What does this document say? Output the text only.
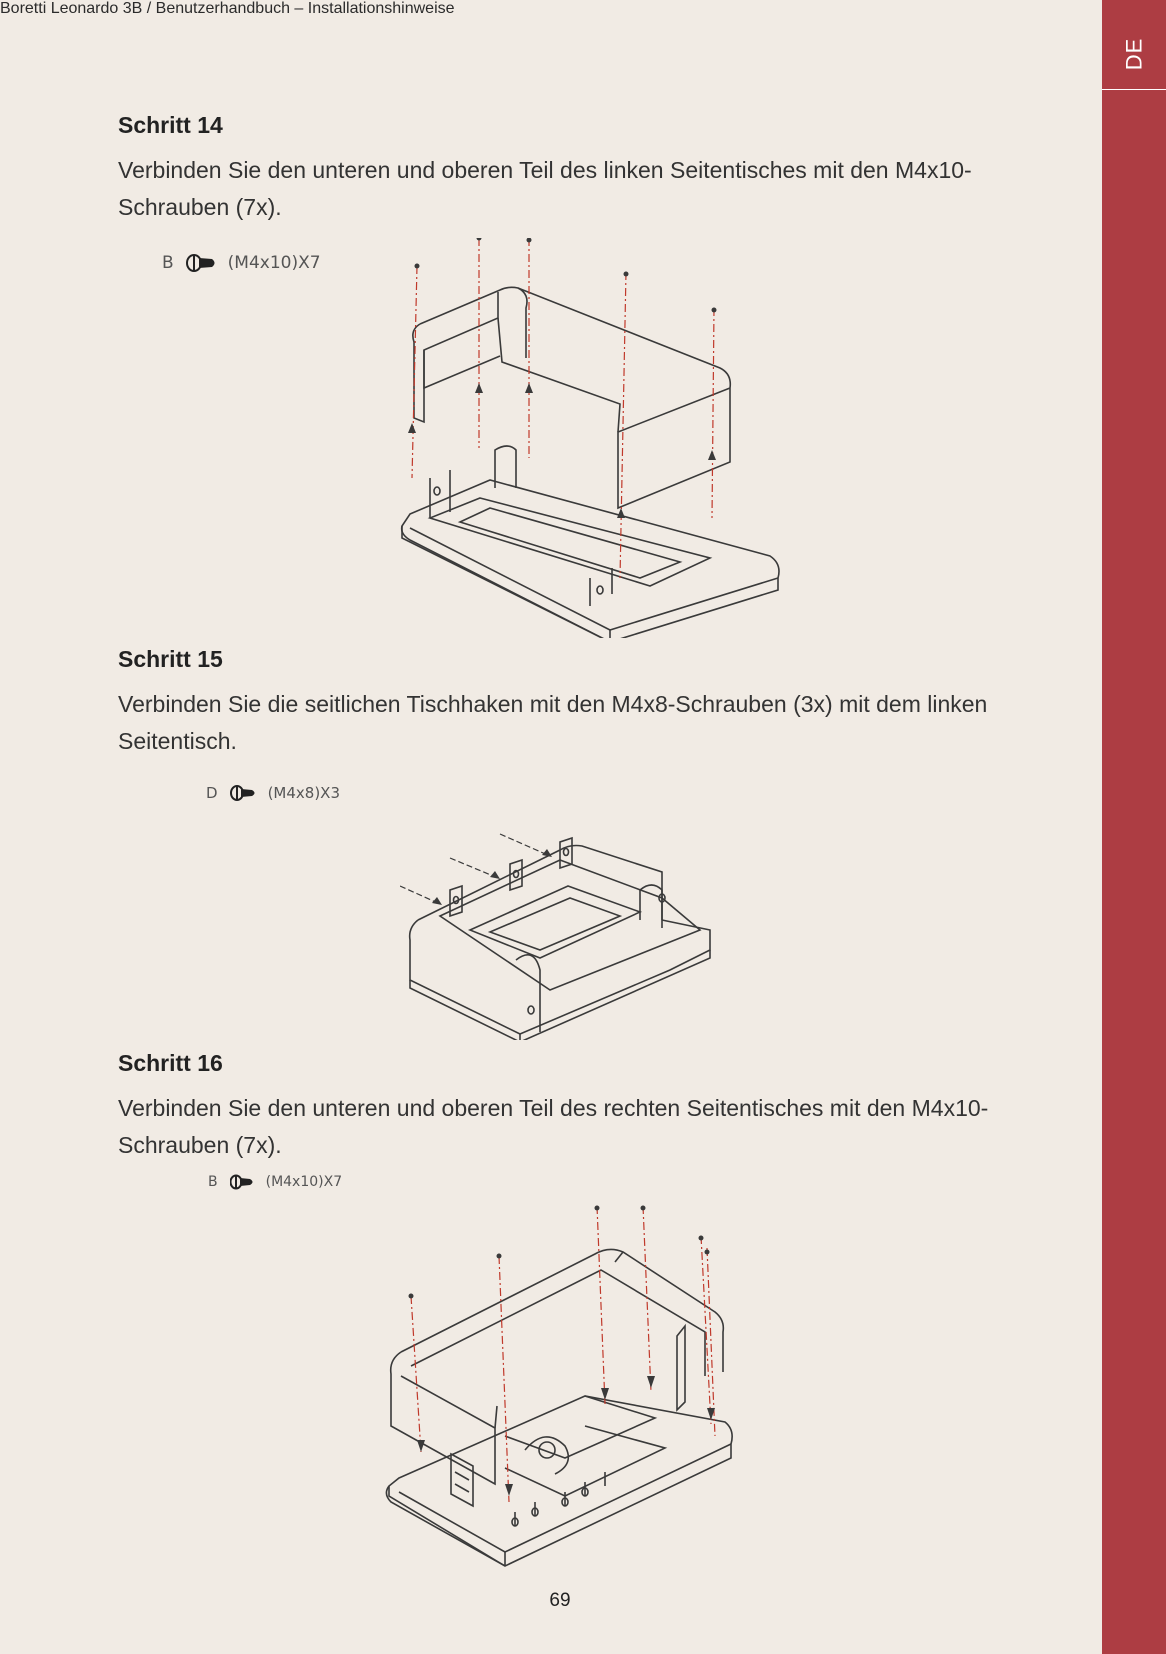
DE
Boretti Leonardo 3B / Benutzerhandbuch – Installationshinweise
Schritt 14

Verbinden Sie den unteren und oberen Teil des linken Seitentisches mit den M4x10-Schrauben (7x).

B	(M4x10)X7
Schritt 15

Verbinden Sie die seitlichen Tischhaken mit den M4x8-Schrauben (3x) mit dem linken Seitentisch.

D	(M4x8)X3
Schritt 16

Verbinden Sie den unteren und oberen Teil des rechten Seitentisches mit den M4x10-Schrauben (7x).

B	(M4x10)X7
69
